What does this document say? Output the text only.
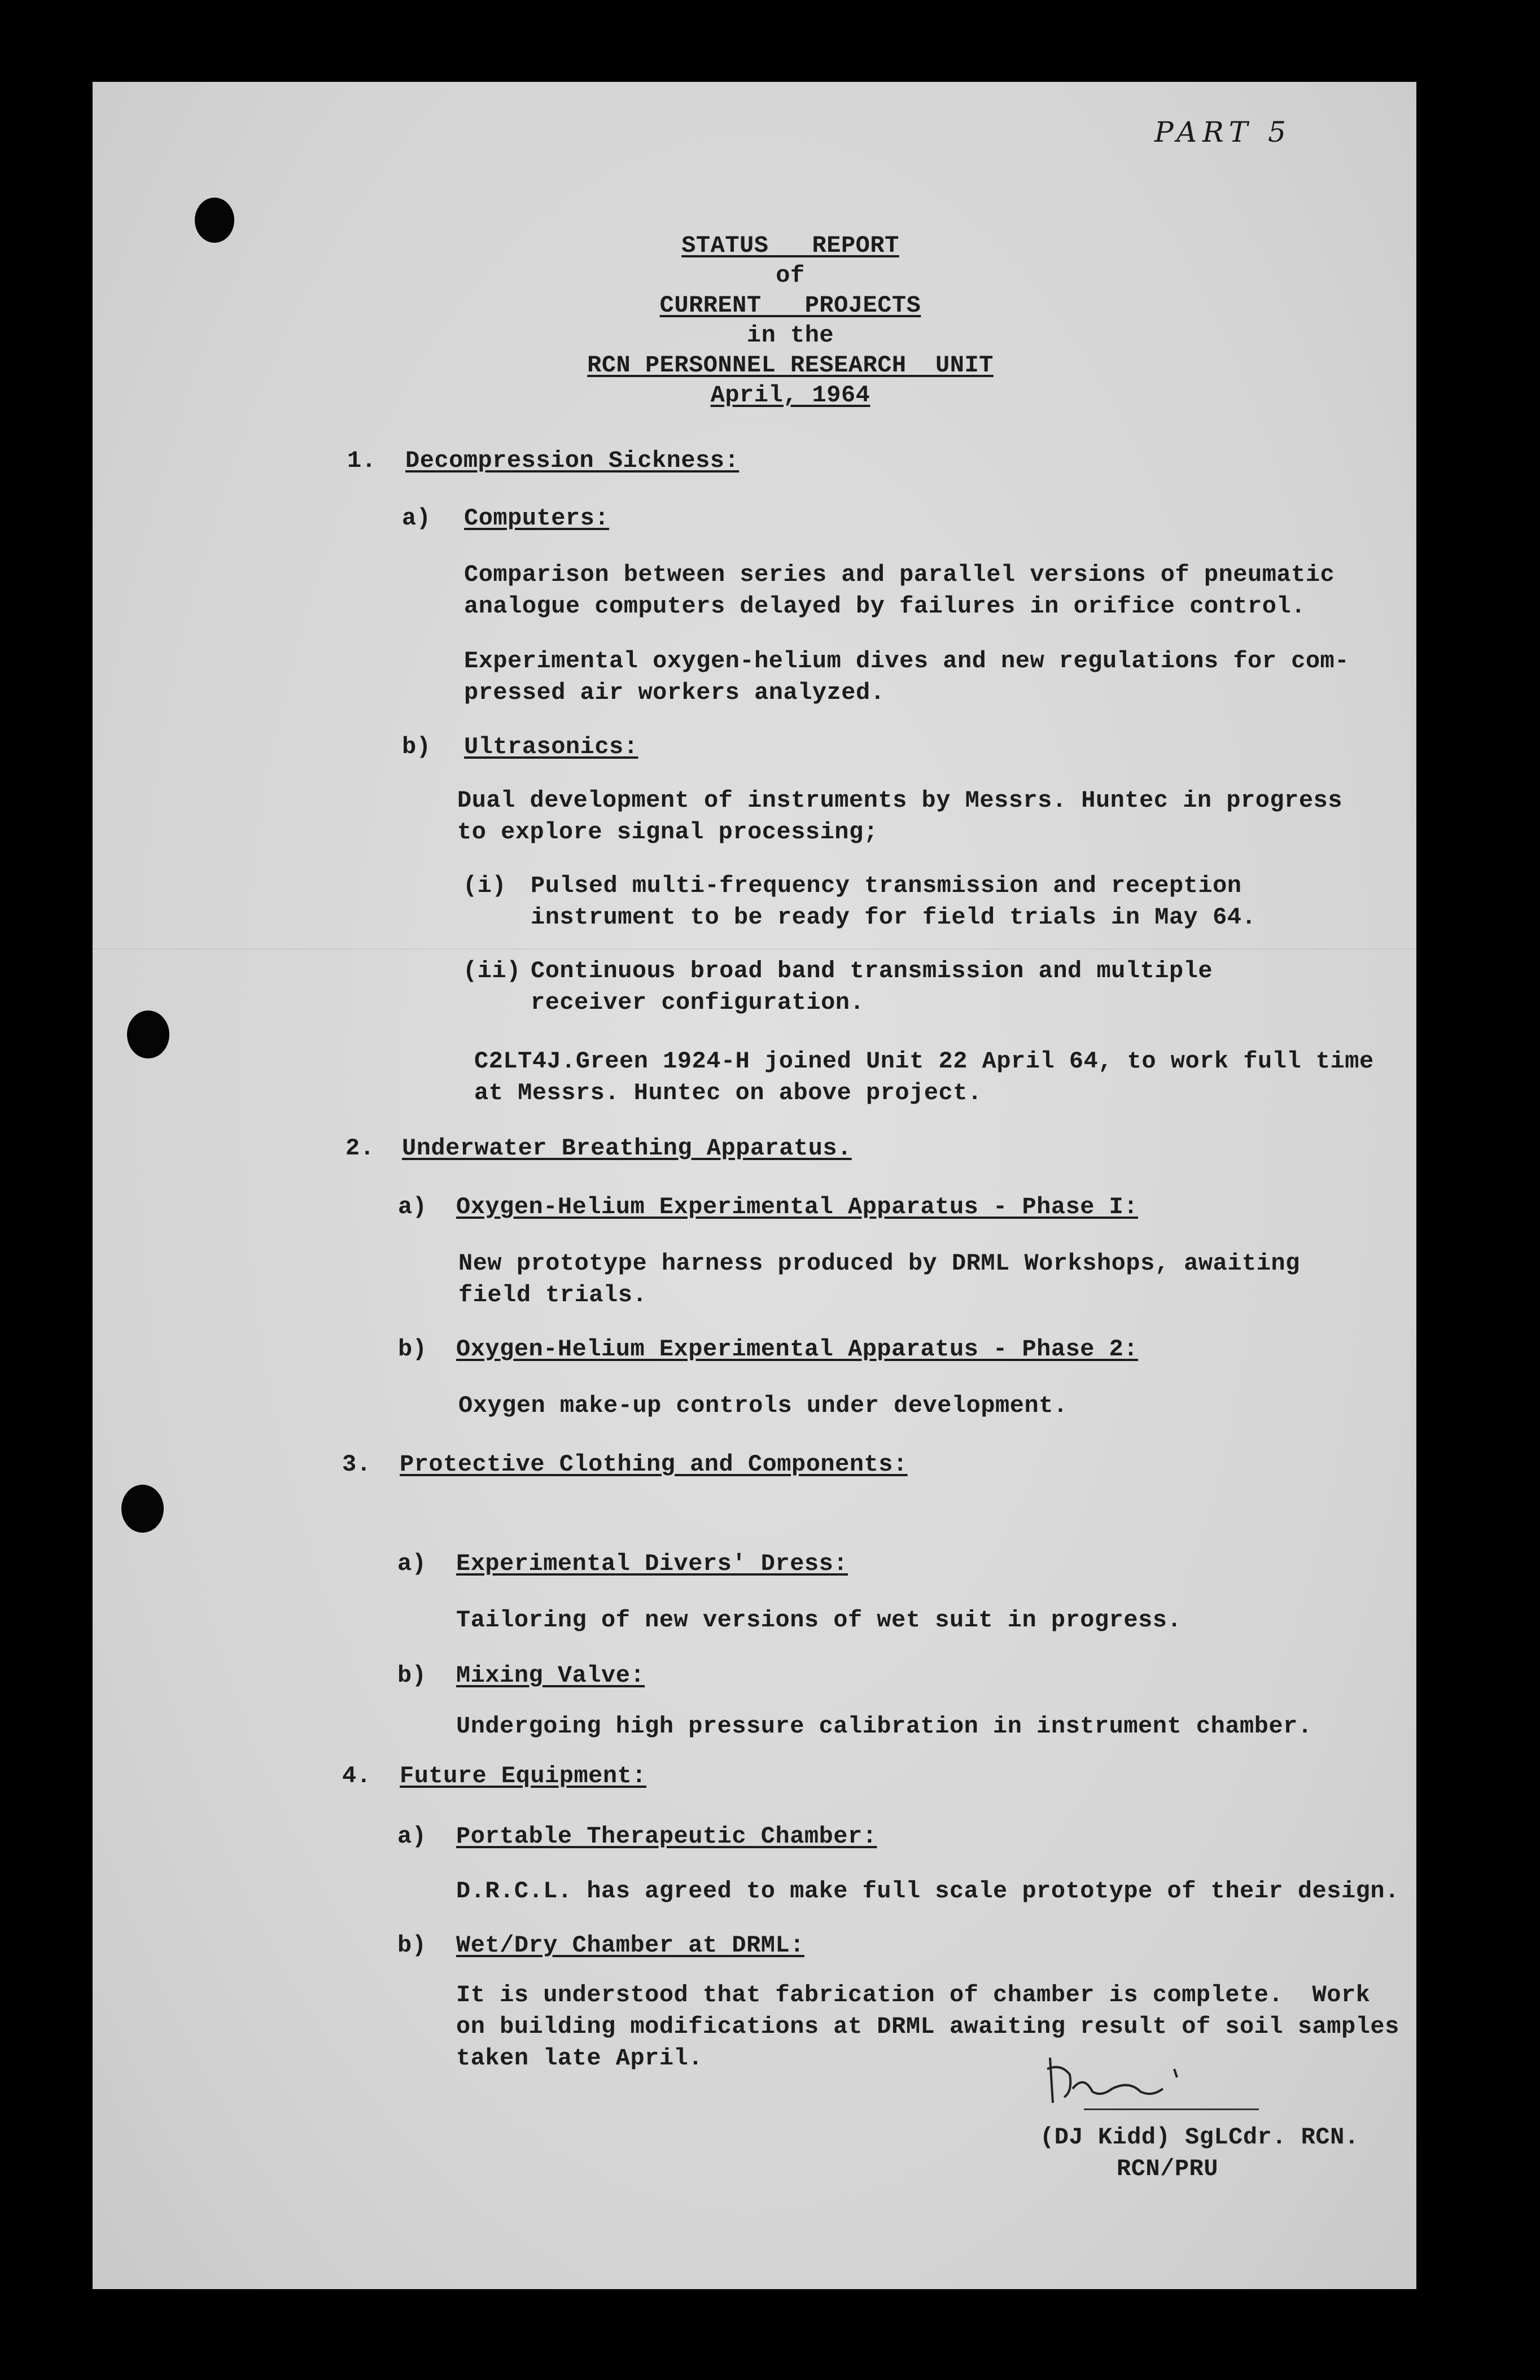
PART 5
STATUS   REPORT
of
CURRENT   PROJECTS
in the
RCN PERSONNEL RESEARCH  UNIT
April, 1964
1. Decompression Sickness:
a) Computers:
Comparison between series and parallel versions of pneumatic
analogue computers delayed by failures in orifice control.
Experimental oxygen-helium dives and new regulations for com-
pressed air workers analyzed.
b) Ultrasonics:
Dual development of instruments by Messrs. Huntec in progress
to explore signal processing;
(i) Pulsed multi-frequency transmission and reception
instrument to be ready for field trials in May 64.
(ii) Continuous broad band transmission and multiple
receiver configuration.
C2LT4J.Green 1924-H joined Unit 22 April 64, to work full time
at Messrs. Huntec on above project.
2. Underwater Breathing Apparatus.
a) Oxygen-Helium Experimental Apparatus - Phase I:
New prototype harness produced by DRML Workshops, awaiting
field trials.
b) Oxygen-Helium Experimental Apparatus - Phase 2:
Oxygen make-up controls under development.
3. Protective Clothing and Components:
a) Experimental Divers' Dress:
Tailoring of new versions of wet suit in progress.
b) Mixing Valve:
Undergoing high pressure calibration in instrument chamber.
4. Future Equipment:
a) Portable Therapeutic Chamber:
D.R.C.L. has agreed to make full scale prototype of their design.
b) Wet/Dry Chamber at DRML:
It is understood that fabrication of chamber is complete.  Work
on building modifications at DRML awaiting result of soil samples
taken late April.
(DJ Kidd) SgLCdr. RCN.
RCN/PRU
